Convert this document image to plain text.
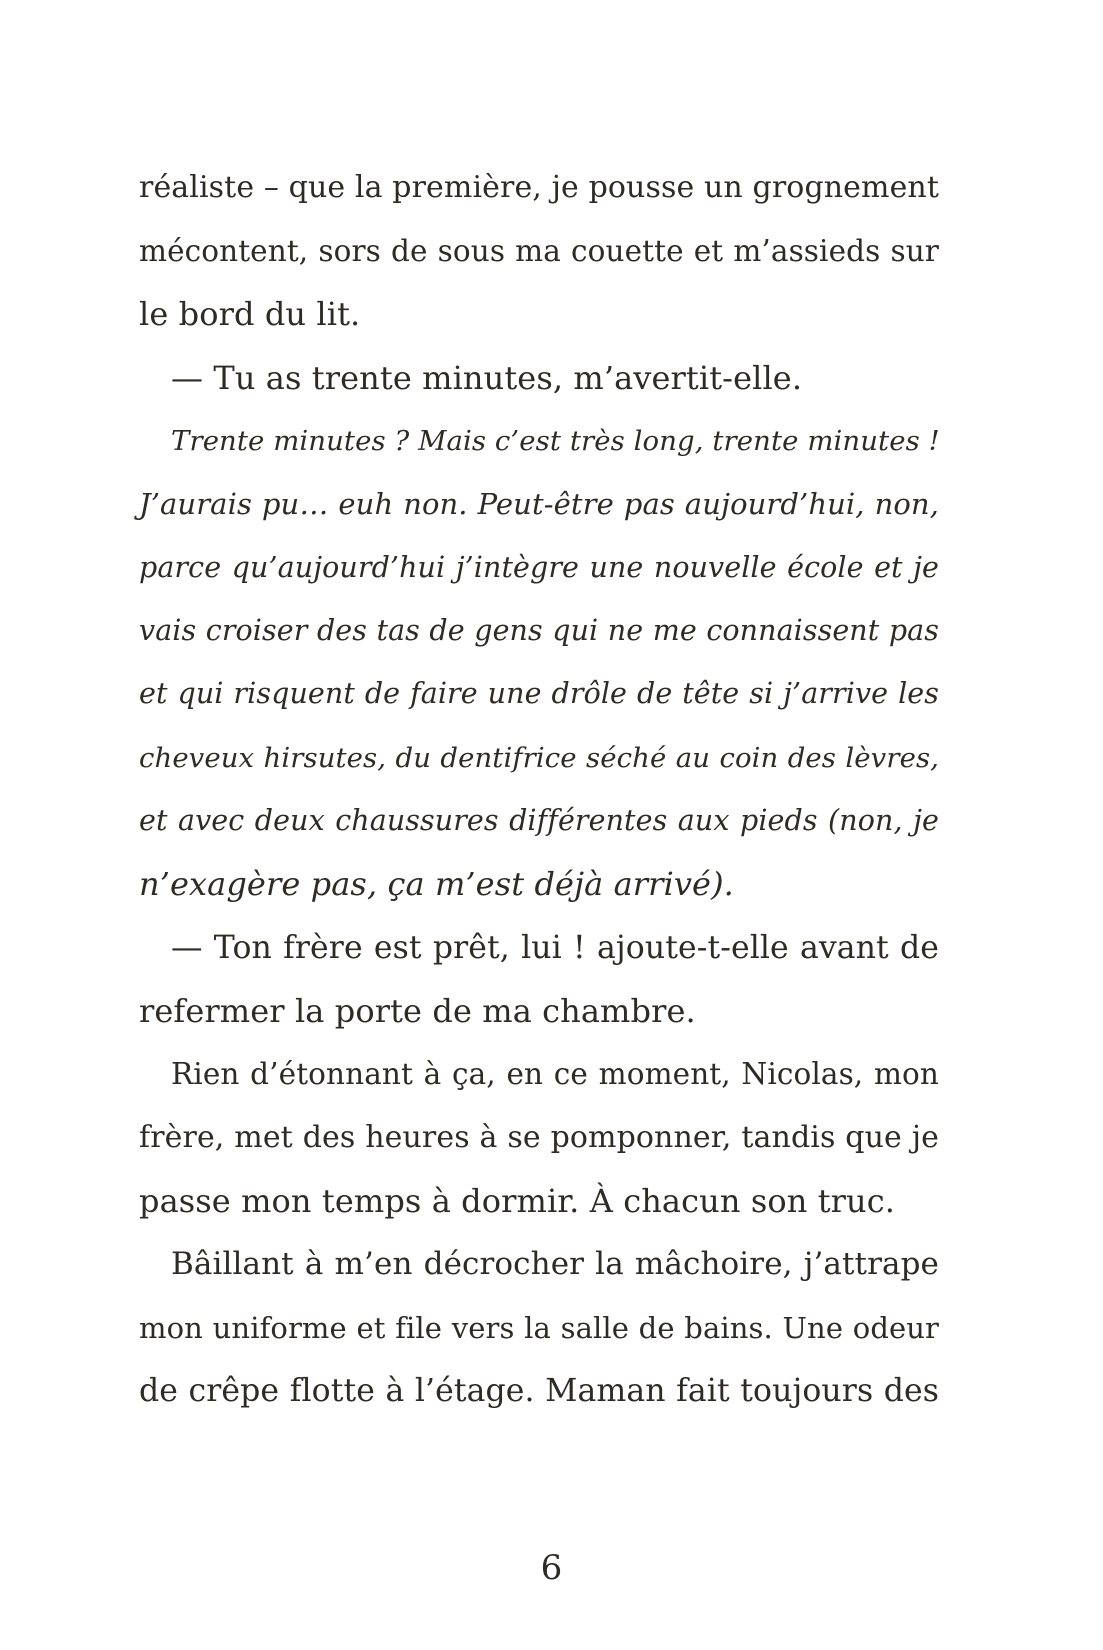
réaliste – que la première, je pousse un grognement
mécontent, sors de sous ma couette et m’assieds sur
le bord du lit.
— Tu as trente minutes, m’avertit-elle.
Trente minutes ? Mais c’est très long, trente minutes !
J’aurais pu… euh non. Peut-être pas aujourd’hui, non,
parce qu’aujourd’hui j’intègre une nouvelle école et je
vais croiser des tas de gens qui ne me connaissent pas
et qui risquent de faire une drôle de tête si j’arrive les
cheveux hirsutes, du dentifrice séché au coin des lèvres,
et avec deux chaussures différentes aux pieds (non, je
n’exagère pas, ça m’est déjà arrivé).
— Ton frère est prêt, lui ! ajoute-t-elle avant de
refermer la porte de ma chambre.
Rien d’étonnant à ça, en ce moment, Nicolas, mon
frère, met des heures à se pomponner, tandis que je
passe mon temps à dormir. À chacun son truc.
Bâillant à m’en décrocher la mâchoire, j’attrape
mon uniforme et file vers la salle de bains. Une odeur
de crêpe flotte à l’étage. Maman fait toujours des
6
